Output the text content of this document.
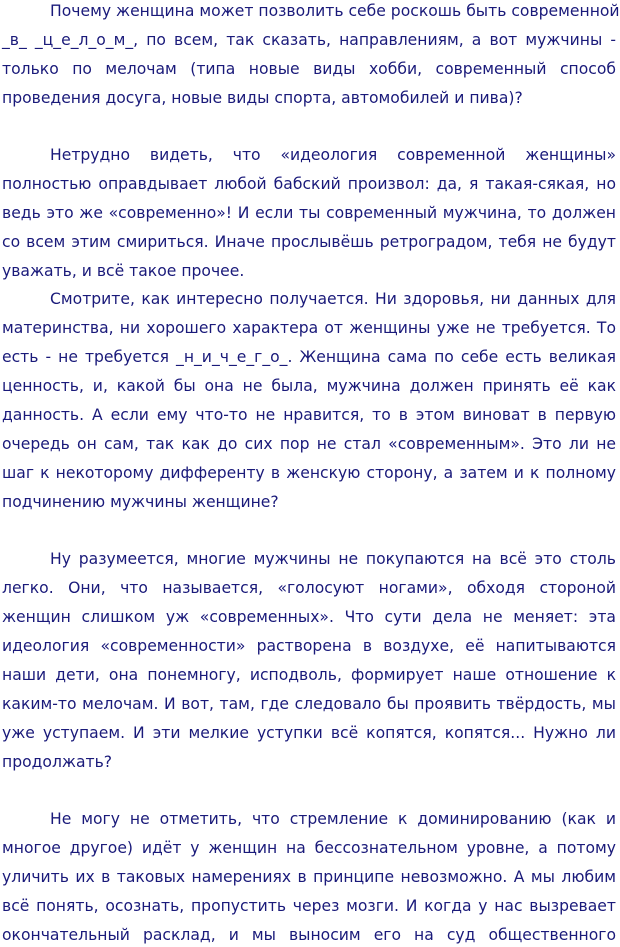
Почему женщина может позволить себе роскошь быть современной
_в_ _ц_е_л_о_м_, по всем, так сказать, направлениям, а вот мужчины -
только по мелочам (типа новые виды хобби, современный способ
проведения досуга, новые виды спорта, автомобилей и пива)?

Нетрудно видеть, что «идеология современной женщины»
полностью оправдывает любой бабский произвол: да, я такая-сякая, но
ведь это же «современно»! И если ты современный мужчина, то должен
со всем этим смириться. Иначе прослывёшь ретроградом, тебя не будут
уважать, и всё такое прочее.

Смотрите, как интересно получается. Ни здоровья, ни данных для
материнства, ни хорошего характера от женщины уже не требуется. То
есть - не требуется _н_и_ч_е_г_о_. Женщина сама по себе есть великая
ценность, и, какой бы она не была, мужчина должен принять её как
данность. А если ему что-то не нравится, то в этом виноват в первую
очередь он сам, так как до сих пор не стал «современным». Это ли не
шаг к некоторому дифференту в женскую сторону, а затем и к полному
подчинению мужчины женщине?

Ну разумеется, многие мужчины не покупаются на всё это столь
легко. Они, что называется, «голосуют ногами», обходя стороной
женщин слишком уж «современных». Что сути дела не меняет: эта
идеология «современности» растворена в воздухе, её напитываются
наши дети, она понемногу, исподволь, формирует наше отношение к
каким-то мелочам. И вот, там, где следовало бы проявить твёрдость, мы
уже уступаем. И эти мелкие уступки всё копятся, копятся... Нужно ли
продолжать?

Не могу не отметить, что стремление к доминированию (как и
многое другое) идёт у женщин на бессознательном уровне, а потому
уличить их в таковых намерениях в принципе невозможно. А мы любим
всё понять, осознать, пропустить через мозги. И когда у нас вызревает
окончательный расклад, и мы выносим его на суд общественного
